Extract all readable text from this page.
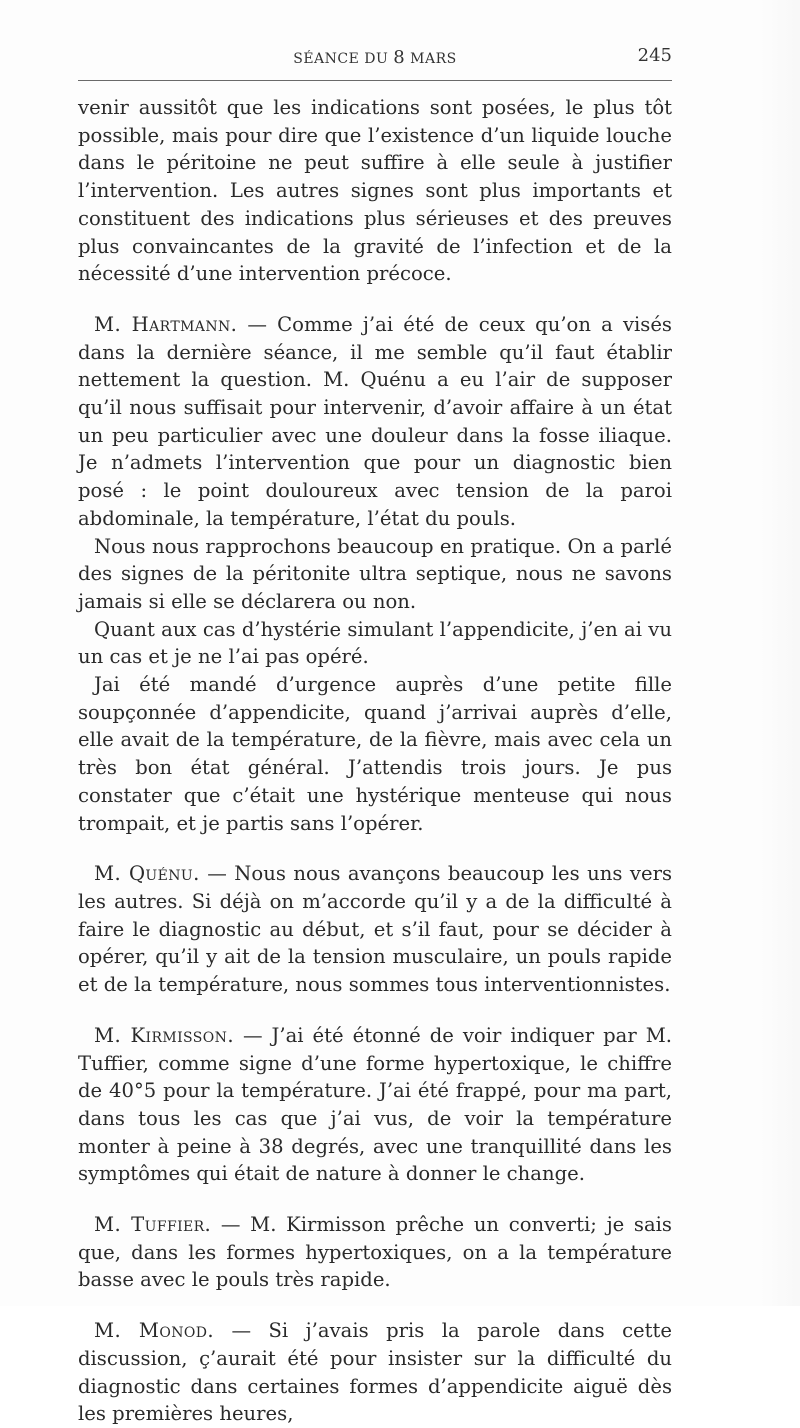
SÉANCE DU 8 MARS	245

venir aussitôt que les indications sont posées, le plus tôt possible, mais pour dire que l’existence d’un liquide louche dans le péritoine ne peut suffire à elle seule à justifier l’intervention. Les autres signes sont plus importants et constituent des indications plus sérieuses et des preuves plus convaincantes de la gravité de l’infection et de la nécessité d’une intervention précoce.

M. Hartmann. — Comme j’ai été de ceux qu’on a visés dans la dernière séance, il me semble qu’il faut établir nettement la question. M. Quénu a eu l’air de supposer qu’il nous suffisait pour intervenir, d’avoir affaire à un état un peu particulier avec une douleur dans la fosse iliaque. Je n’admets l’intervention que pour un diagnostic bien posé : le point douloureux avec tension de la paroi abdominale, la température, l’état du pouls.

Nous nous rapprochons beaucoup en pratique. On a parlé des signes de la péritonite ultra septique, nous ne savons jamais si elle se déclarera ou non.

Quant aux cas d’hystérie simulant l’appendicite, j’en ai vu un cas et je ne l’ai pas opéré.

Jai été mandé d’urgence auprès d’une petite fille soupçonnée d’appendicite, quand j’arrivai auprès d’elle, elle avait de la température, de la fièvre, mais avec cela un très bon état général. J’attendis trois jours. Je pus constater que c’était une hystérique menteuse qui nous trompait, et je partis sans l’opérer.

M. Quénu. — Nous nous avançons beaucoup les uns vers les autres. Si déjà on m’accorde qu’il y a de la difficulté à faire le diagnostic au début, et s’il faut, pour se décider à opérer, qu’il y ait de la tension musculaire, un pouls rapide et de la température, nous sommes tous interventionnistes.

M. Kirmisson. — J’ai été étonné de voir indiquer par M. Tuffier, comme signe d’une forme hypertoxique, le chiffre de 40°5 pour la température. J’ai été frappé, pour ma part, dans tous les cas que j’ai vus, de voir la température monter à peine à 38 degrés, avec une tranquillité dans les symptômes qui était de nature à donner le change.

M. Tuffier. — M. Kirmisson prêche un converti; je sais que, dans les formes hypertoxiques, on a la température basse avec le pouls très rapide.

M. Monod. — Si j’avais pris la parole dans cette discussion, ç’aurait été pour insister sur la difficulté du diagnostic dans certaines formes d’appendicite aiguë dès les premières heures,
